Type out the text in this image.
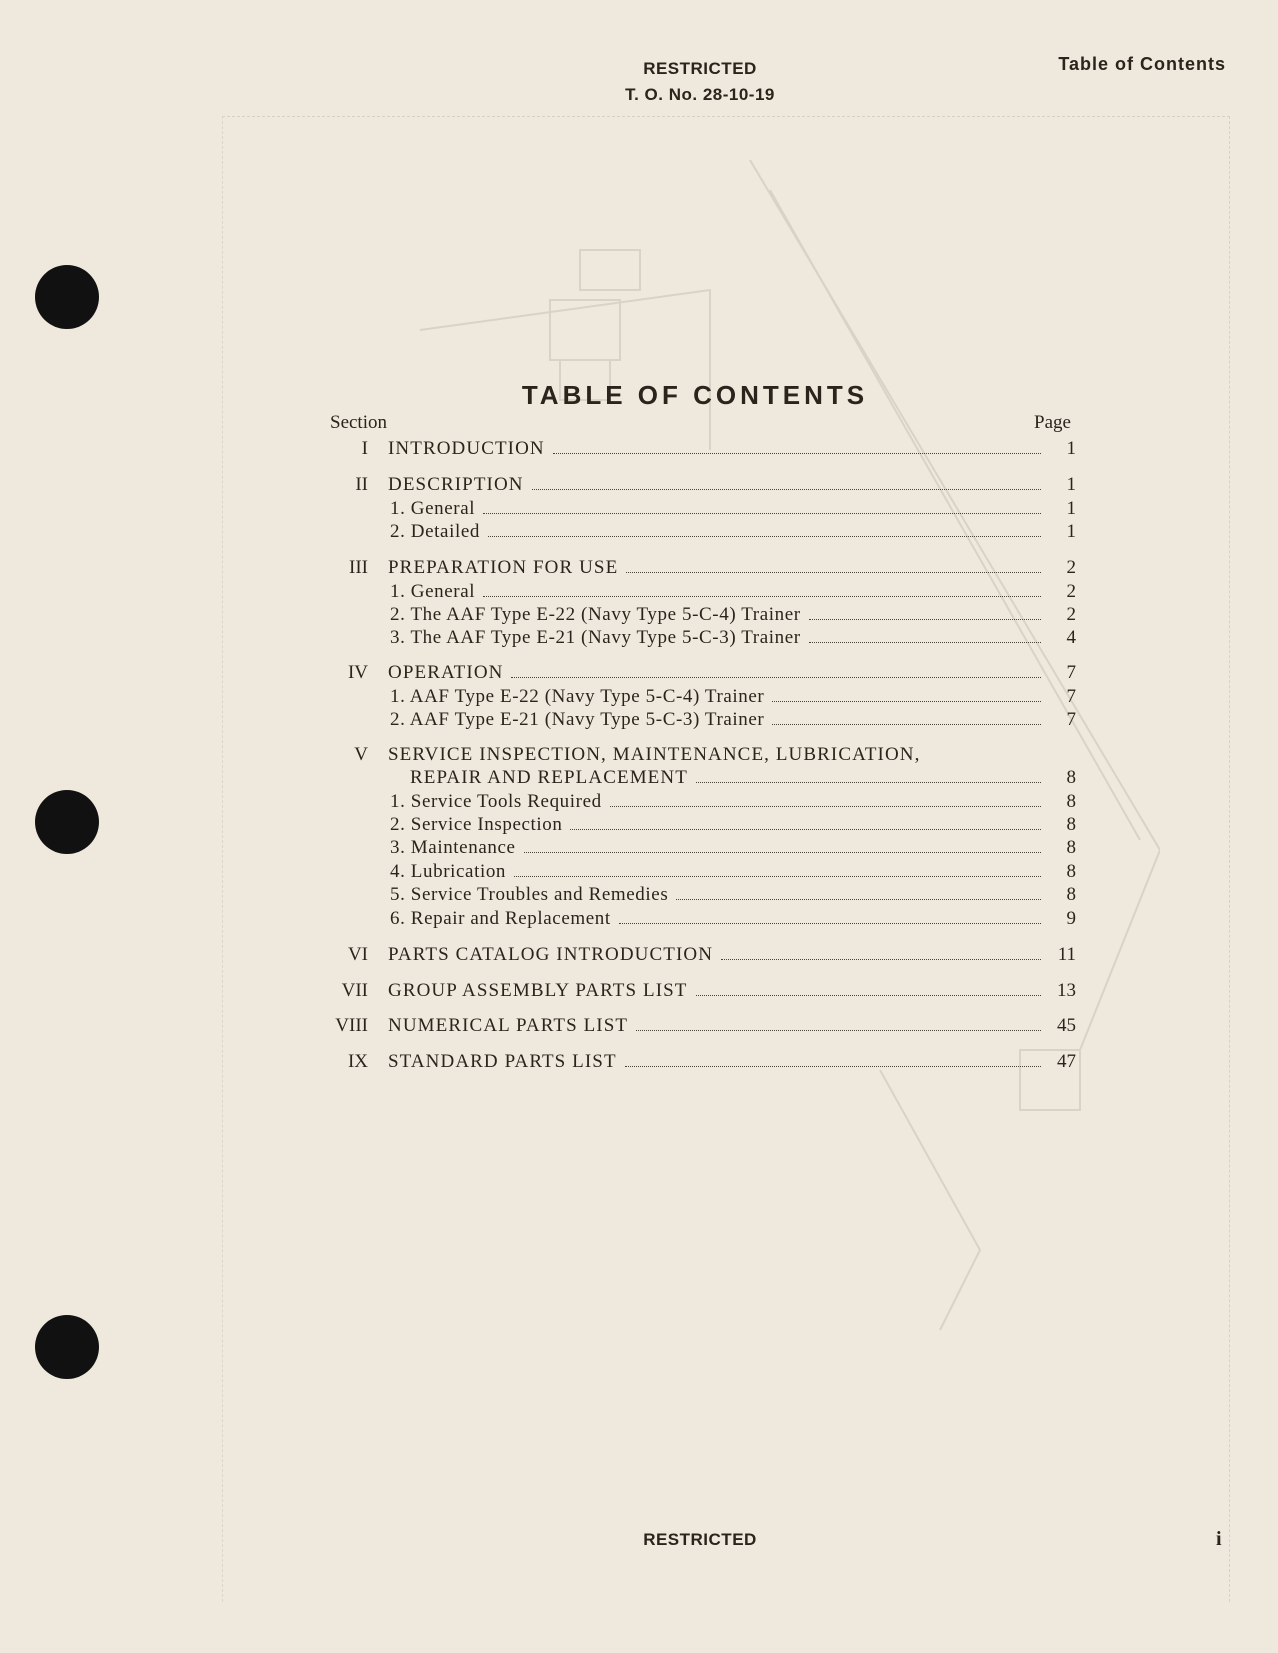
RESTRICTED
T. O. No. 28-10-19
Table of Contents
TABLE OF CONTENTS
Section	Page
I INTRODUCTION	1
II DESCRIPTION	1
1. General	1
2. Detailed	1
III PREPARATION FOR USE	2
1. General	2
2. The AAF Type E-22 (Navy Type 5-C-4) Trainer	2
3. The AAF Type E-21 (Navy Type 5-C-3) Trainer	4
IV OPERATION	7
1. AAF Type E-22 (Navy Type 5-C-4) Trainer	7
2. AAF Type E-21 (Navy Type 5-C-3) Trainer	7
V SERVICE INSPECTION, MAINTENANCE, LUBRICATION,
REPAIR AND REPLACEMENT	8
1. Service Tools Required	8
2. Service Inspection	8
3. Maintenance	8
4. Lubrication	8
5. Service Troubles and Remedies	8
6. Repair and Replacement	9
VI PARTS CATALOG INTRODUCTION	11
VII GROUP ASSEMBLY PARTS LIST	13
VIII NUMERICAL PARTS LIST	45
IX STANDARD PARTS LIST	47
RESTRICTED	i
